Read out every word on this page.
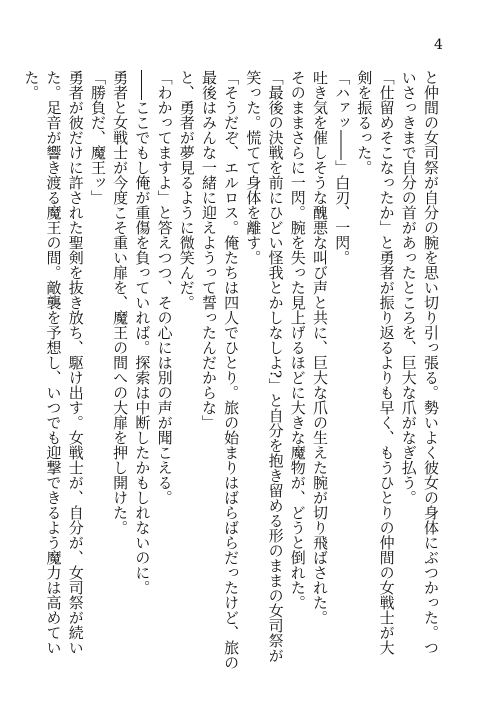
4

と仲間の女司祭が自分の腕を思い切り引っ張る。勢いよく彼女の身体にぶつかった。つ

いさっきまで自分の首があったところを、巨大な爪がなぎ払う。

「仕留めそこなったか」と勇者が振り返るよりも早く、もうひとりの仲間の女戦士が大

剣を振るった。

「ハァッ――」白刃、一閃。

吐き気を催しそうな醜悪な叫び声と共に、巨大な爪の生えた腕が切り飛ばされた。

そのままさらに一閃。腕を失った見上げるほどに大きな魔物が、どうと倒れた。

「最後の決戦を前にひどい怪我とかしなしよ?」と自分を抱き留める形のままの女司祭が

笑った。慌てて身体を離す。

「そうだぞ、エルロス。俺たちは四人でひとり。旅の始まりはばらばらだったけど、旅の

最後はみんな一緒に迎えようって誓ったんだからな」

と、勇者が夢見るように微笑んだ。

「わかってますよ」と答えつつ、その心には別の声が聞こえる。

――ここでもし俺が重傷を負っていれば。探索は中断したかもしれないのに。

勇者と女戦士が今度こそ重い扉を、魔王の間への大扉を押し開けた。

「勝負だ、魔王ッ」

勇者が彼だけに許された聖剣を抜き放ち、駆け出す。女戦士が、自分が、女司祭が続い

た。足音が響き渡る魔王の間。敵襲を予想し、いつでも迎撃できるよう魔力は高めていた。
